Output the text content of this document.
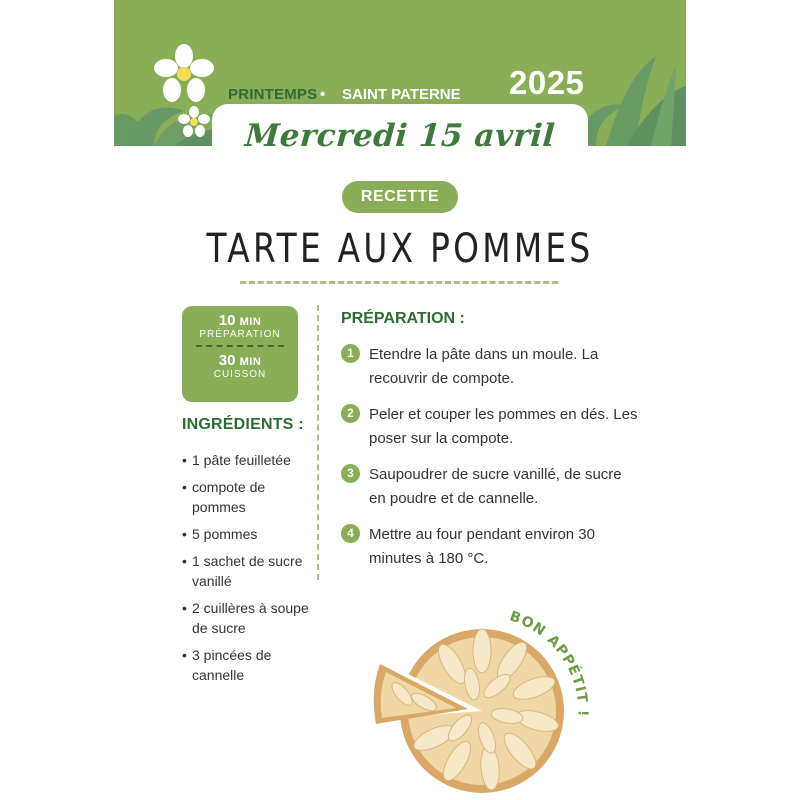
PRINTEMPS • SAINT PATERNE 2025
Mercredi 15 avril
RECETTE
TARTE AUX POMMES
10 MIN
PRÉPARATION
30 MIN
CUISSON
INGRÉDIENTS :
• 1 pâte feuilletée
• compote de pommes
• 5 pommes
• 1 sachet de sucre vanillé
• 2 cuillères à soupe de sucre
• 3 pincées de cannelle
PRÉPARATION :
1	Etendre la pâte dans un moule. La recouvrir de compote.
2	Peler et couper les pommes en dés. Les poser sur la compote.
3	Saupoudrer de sucre vanillé, de sucre en poudre et de cannelle.
4	Mettre au four pendant environ 30 minutes à 180 °C.
BON APPÉTIT !
